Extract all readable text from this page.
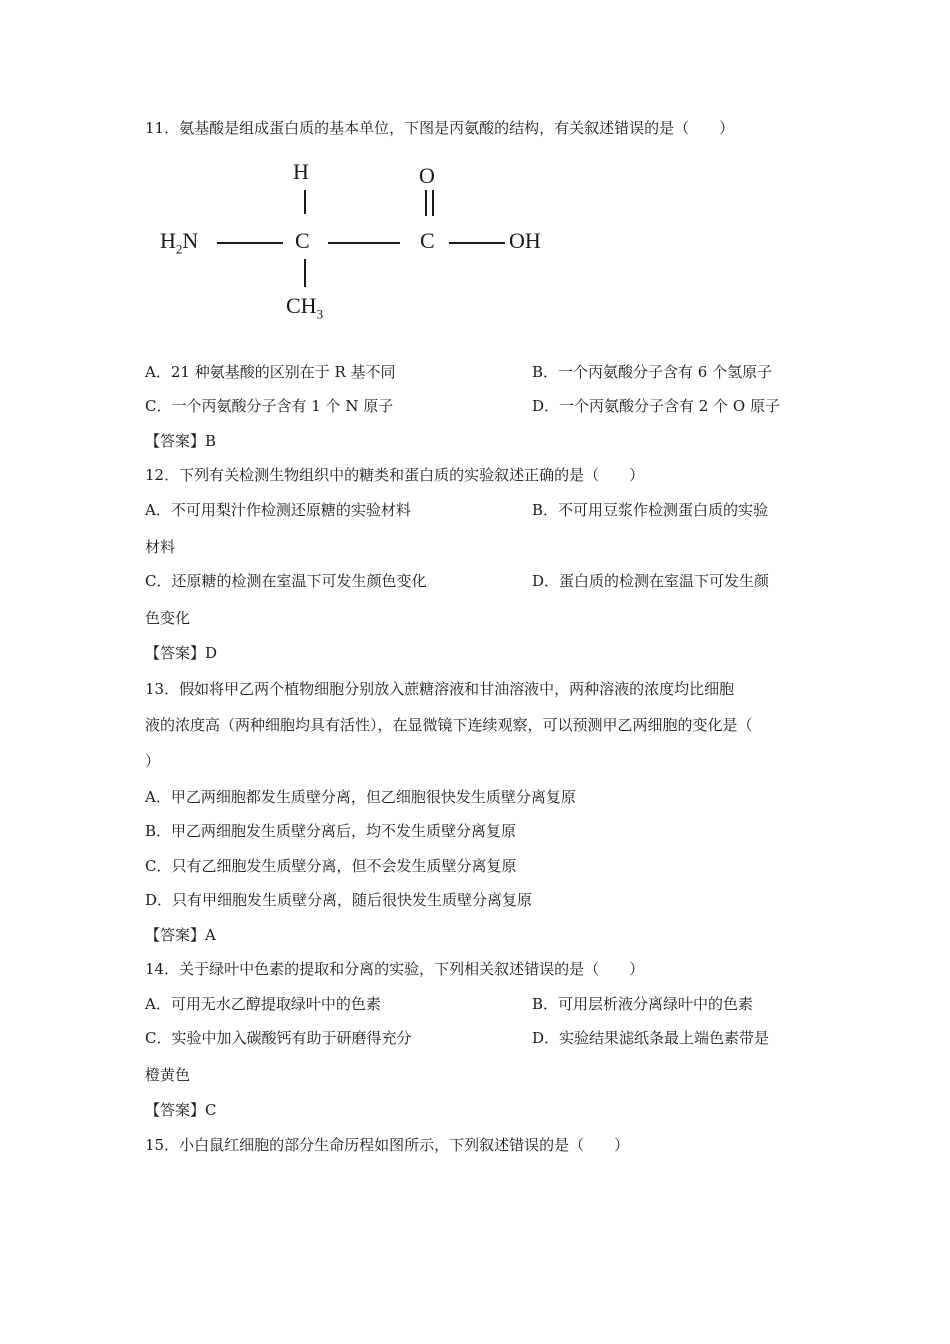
11．氨基酸是组成蛋白质的基本单位，下图是丙氨酸的结构，有关叙述错误的是（　　）
H	O
$H_2N$	C	C	OH
$CH_3$
A．21 种氨基酸的区别在于 R 基不同	B．一个丙氨酸分子含有 6 个氢原子
C．一个丙氨酸分子含有 1 个 N 原子	D．一个丙氨酸分子含有 2 个 O 原子
【答案】B
12．下列有关检测生物组织中的糖类和蛋白质的实验叙述正确的是（　　）
A．不可用梨汁作检测还原糖的实验材料	B．不可用豆浆作检测蛋白质的实验
材料
C．还原糖的检测在室温下可发生颜色变化	D．蛋白质的检测在室温下可发生颜
色变化
【答案】D
13．假如将甲乙两个植物细胞分别放入蔗糖溶液和甘油溶液中，两种溶液的浓度均比细胞
液的浓度高（两种细胞均具有活性），在显微镜下连续观察，可以预测甲乙两细胞的变化是（
）
A．甲乙两细胞都发生质壁分离，但乙细胞很快发生质壁分离复原
B．甲乙两细胞发生质壁分离后，均不发生质壁分离复原
C．只有乙细胞发生质壁分离，但不会发生质壁分离复原
D．只有甲细胞发生质壁分离，随后很快发生质壁分离复原
【答案】A
14．关于绿叶中色素的提取和分离的实验，下列相关叙述错误的是（　　）
A．可用无水乙醇提取绿叶中的色素	B．可用层析液分离绿叶中的色素
C．实验中加入碳酸钙有助于研磨得充分	D．实验结果滤纸条最上端色素带是
橙黄色
【答案】C
15．小白鼠红细胞的部分生命历程如图所示，下列叙述错误的是（　　）
